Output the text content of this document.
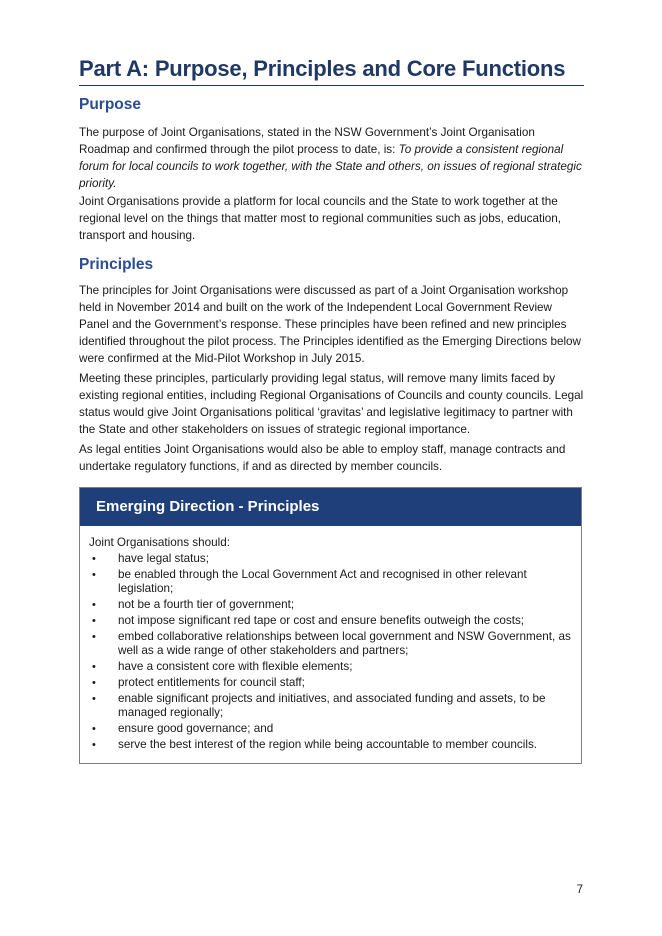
Part A: Purpose, Principles and Core Functions
Purpose

The purpose of Joint Organisations, stated in the NSW Government’s Joint Organisation Roadmap and confirmed through the pilot process to date, is: To provide a consistent regional forum for local councils to work together, with the State and others, on issues of regional strategic priority.

Joint Organisations provide a platform for local councils and the State to work together at the regional level on the things that matter most to regional communities such as jobs, education, transport and housing.

Principles

The principles for Joint Organisations were discussed as part of a Joint Organisation workshop held in November 2014 and built on the work of the Independent Local Government Review Panel and the Government’s response. These principles have been refined and new principles identified throughout the pilot process. The Principles identified as the Emerging Directions below were confirmed at the Mid-Pilot Workshop in July 2015.

Meeting these principles, particularly providing legal status, will remove many limits faced by existing regional entities, including Regional Organisations of Councils and county councils. Legal status would give Joint Organisations political ‘gravitas’ and legislative legitimacy to partner with the State and other stakeholders on issues of strategic regional importance.

As legal entities Joint Organisations would also be able to employ staff, manage contracts and undertake regulatory functions, if and as directed by member councils.

Emerging Direction - Principles
Joint Organisations should:
• have legal status;
• be enabled through the Local Government Act and recognised in other relevant legislation;
• not be a fourth tier of government;
• not impose significant red tape or cost and ensure benefits outweigh the costs;
• embed collaborative relationships between local government and NSW Government, as well as a wide range of other stakeholders and partners;
• have a consistent core with flexible elements;
• protect entitlements for council staff;
• enable significant projects and initiatives, and associated funding and assets, to be managed regionally;
• ensure good governance; and
• serve the best interest of the region while being accountable to member councils.
7
